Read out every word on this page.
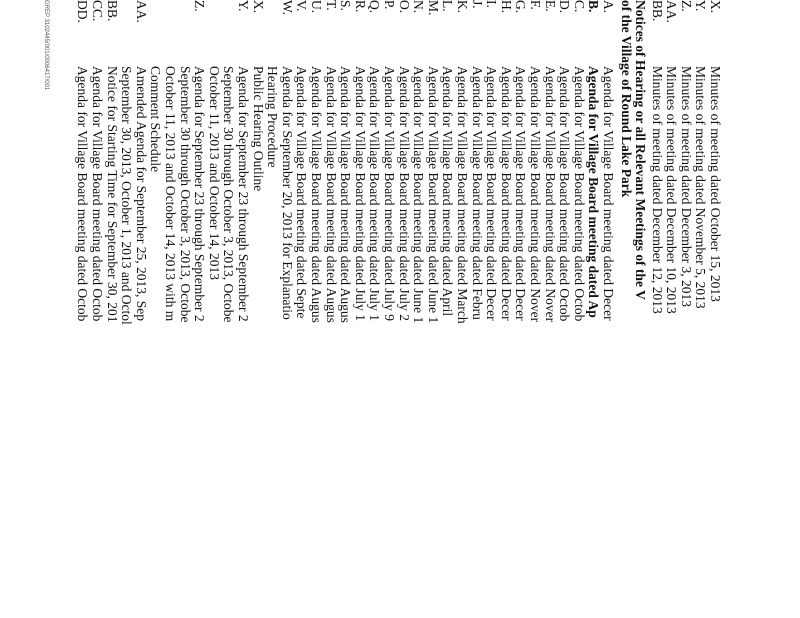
GREP 3102445/001/0006417/001	X.
Minutes of meeting dated October 15, 2013
Y.
Minutes of meeting dated November 5, 2013
Z.
Minutes of meeting dated December 3, 2013
AA.
Minutes of meeting dated December 10, 2013
BB.
Minutes of meeting dated December 12, 2013
Notices of Hearing or all Relevant Meetings of the V
of the Village of Round Lake Park
A.
Agenda for Village Board meeting dated Decer
B.
Agenda for Village Board meeting dated Ap
C.
Agenda for Village Board meeting dated Octob
D.
Agenda for Village Board meeting dated Octob
E.
Agenda for Village Board meeting dated Nover
F.
Agenda for Village Board meeting dated Nover
G.
Agenda for Village Board meeting dated Decer
H.
Agenda for Village Board meeting dated Decer
I.
Agenda for Village Board meeting dated Decer
J.
Agenda for Village Board meeting dated Febru
K.
Agenda for Village Board meeting dated March
L.
Agenda for Village Board meeting dated April
M.
Agenda for Village Board meeting dated June 1
N.
Agenda for Village Board meeting dated June 1
O.
Agenda for Village Board meeting dated July 2
P.
Agenda for Village Board meeting dated July 9
Q.
Agenda for Village Board meeting dated July 1
R.
Agenda for Village Board meeting dated July 1
S.
Agenda for Village Board meeting dated Augus
T.
Agenda for Village Board meeting dated Augus
U.
Agenda for Village Board meeting dated Augus
V.
Agenda for Village Board meeting dated Septe
W.
Agenda for September 20, 2013 for Explanatio
Hearing Procedure
X.
Public Hearing Outline
Y.
Agenda for September 23 through September 2
September 30 through October 3, 2013, Octobe
October 11, 2013 and October 14, 2013
Z.
Agenda for September 23 through September 2
September 30 through October 3, 2013, Octobe
October 11, 2013 and October 14, 2013 with m
Comment Schedule
AA.
Amended Agenda for September 25, 2013, Sep
September 30, 2013, October 1, 2013 and Octol
BB.
Notice for Starting Time for September 30, 201
CC.
Agenda for Village Board meeting dated Octob
DD.
Agenda for Village Board meeting dated Octob
